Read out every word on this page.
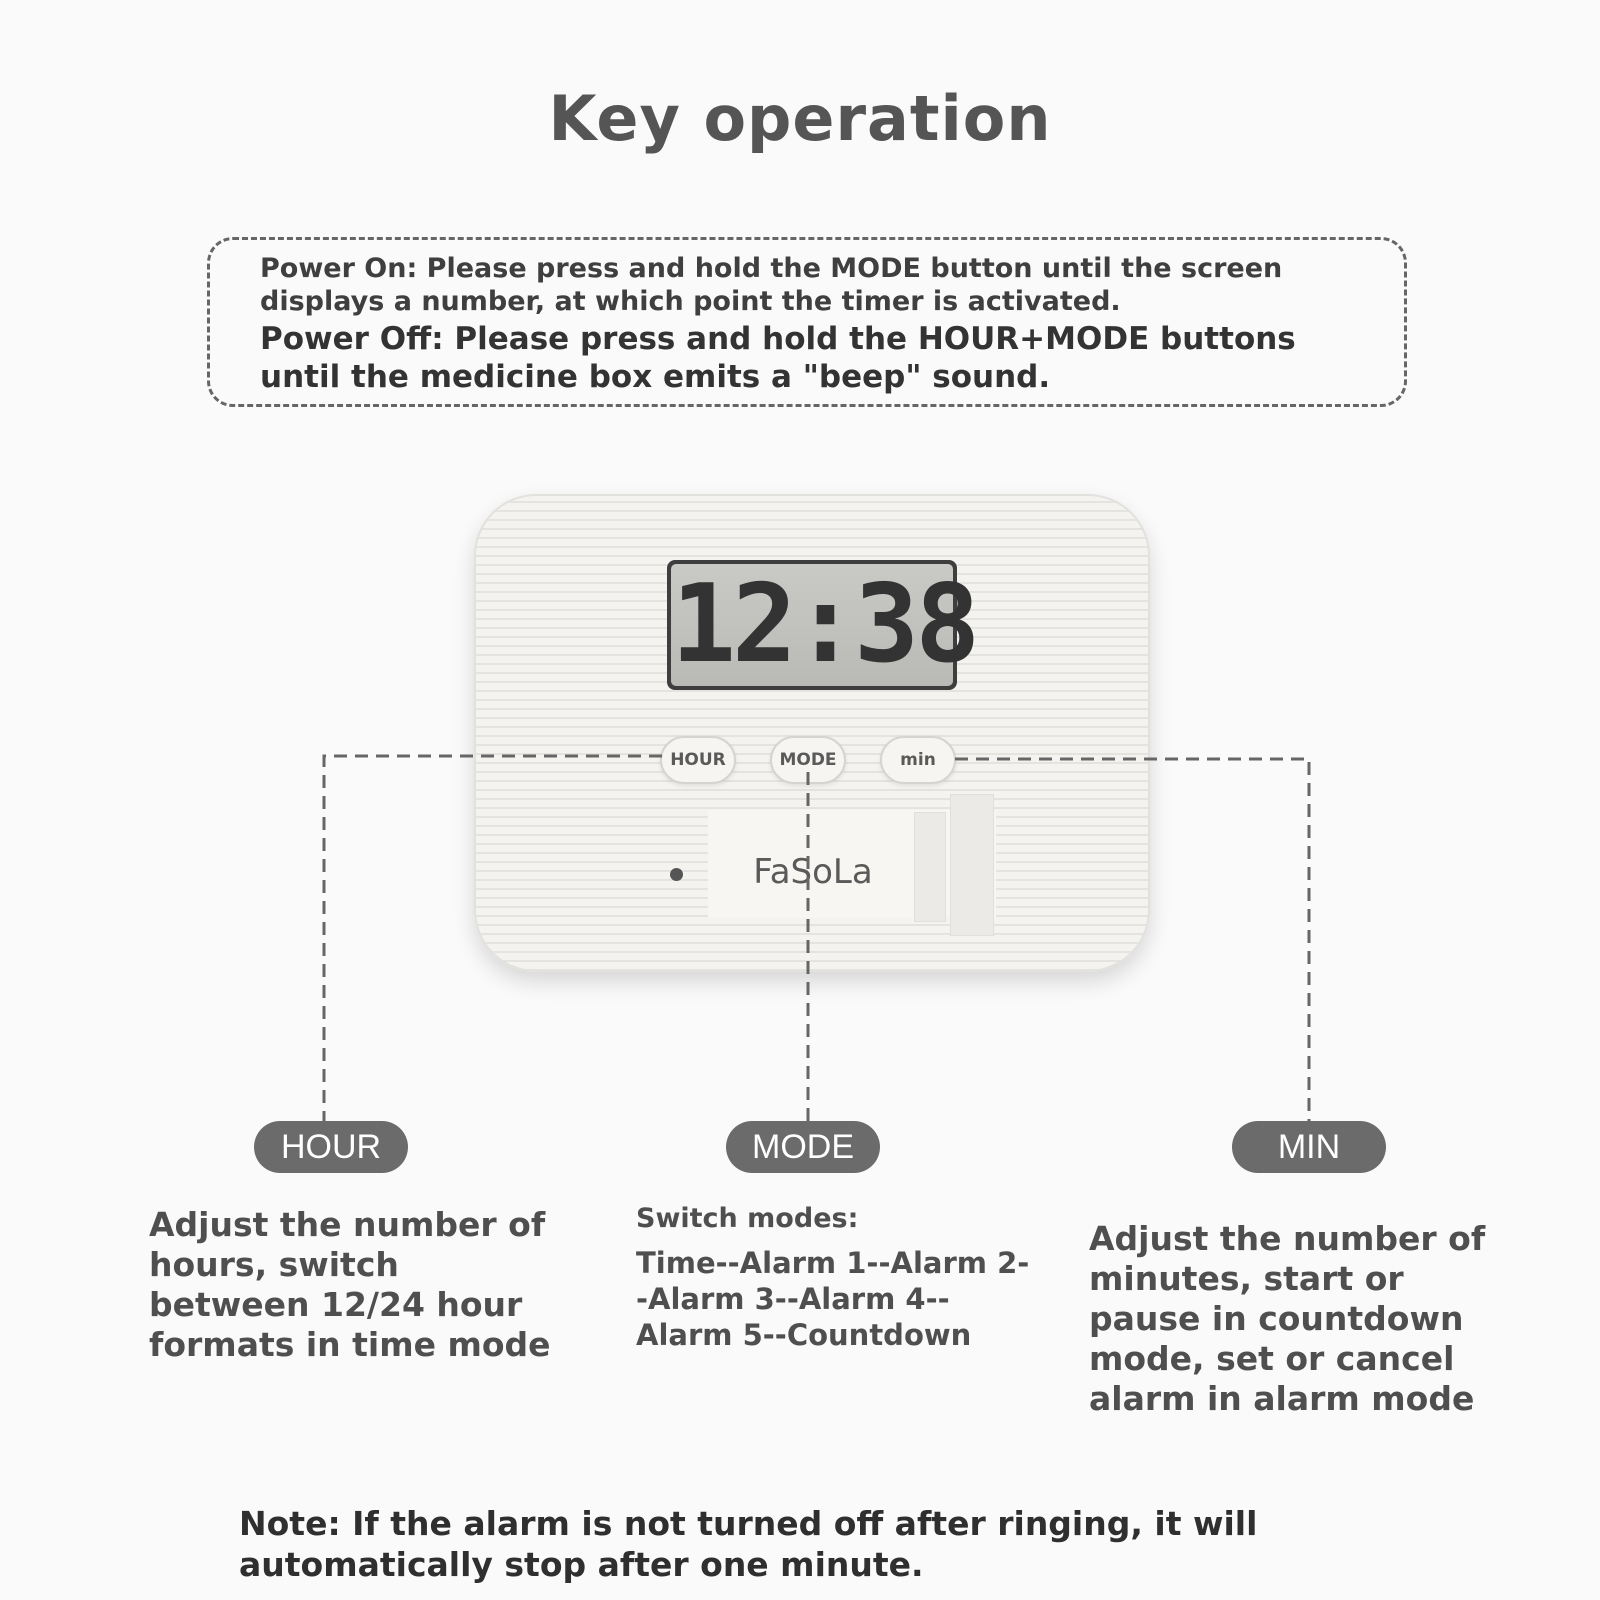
Key operation
Power On: Please press and hold the MODE button until the screen displays a number, at which point the timer is activated.
Power Off: Please press and hold the HOUR+MODE buttons until the medicine box emits a "beep" sound.
12:38
HOUR	MODE	min
FaSoLa
HOUR	MODE	MIN
Adjust the number of hours, switch between 12/24 hour formats in time mode
Switch modes:
Time--Alarm 1--Alarm 2--Alarm 3--Alarm 4--Alarm 5--Countdown
Adjust the number of minutes, start or pause in countdown mode, set or cancel alarm in alarm mode
Note: If the alarm is not turned off after ringing, it will automatically stop after one minute.
